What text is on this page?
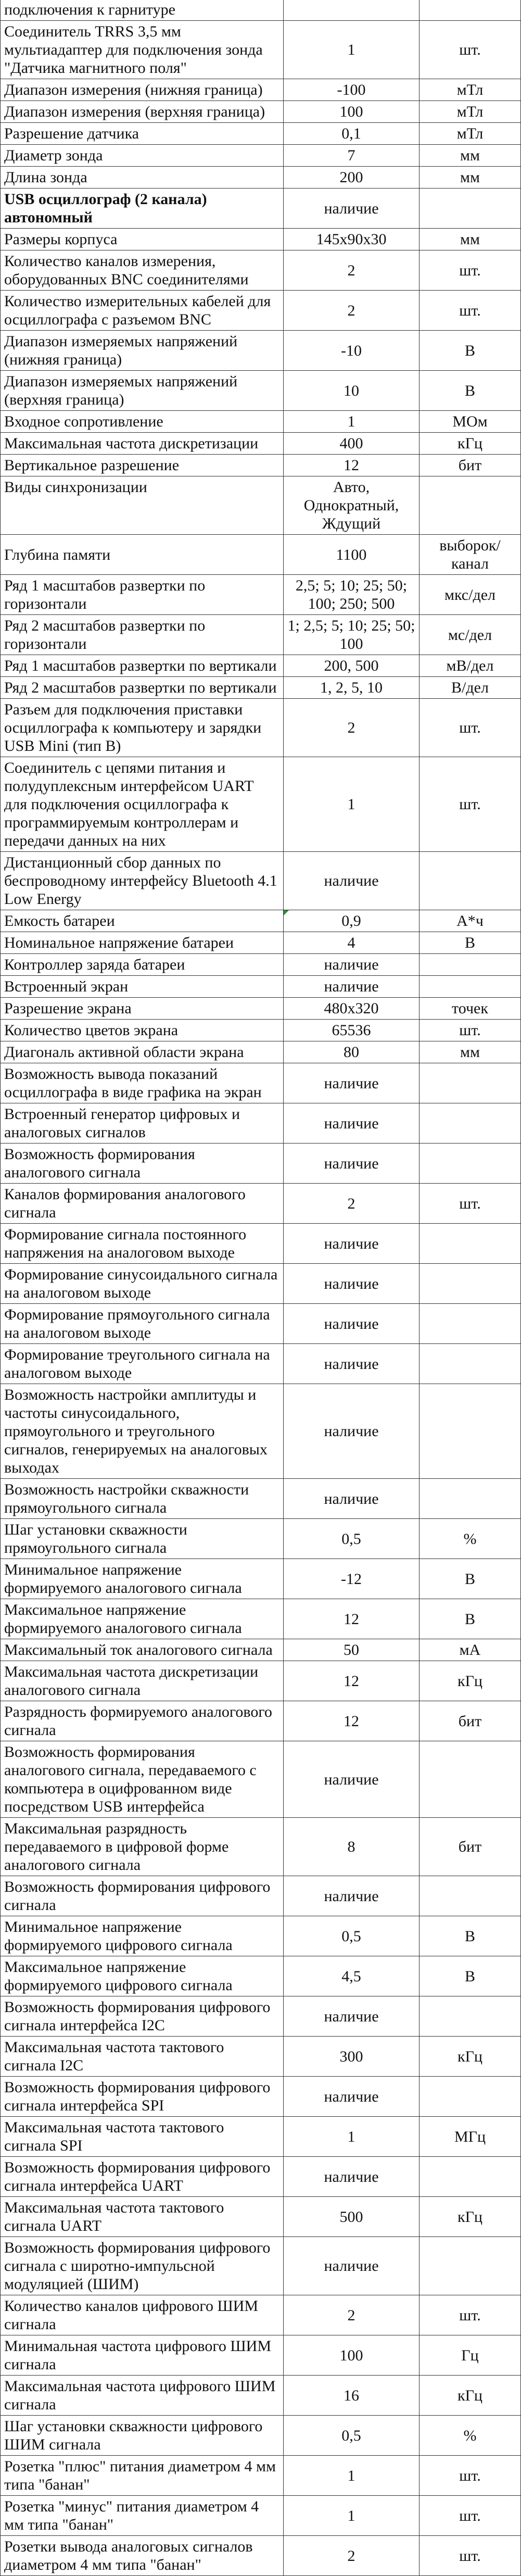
подключения к гарнитуре		
Соединитель TRRS 3,5 мм мультиадаптер для подключения зонда "Датчика магнитного поля"	1	шт.
Диапазон измерения (нижняя граница)	-100	мТл
Диапазон измерения (верхняя граница)	100	мТл
Разрешение датчика	0,1	мТл
Диаметр зонда	7	мм
Длина зонда	200	мм
USB осциллограф (2 канала) автономный	наличие	
Размеры корпуса	145x90x30	мм
Количество каналов измерения, оборудованных BNC соединителями	2	шт.
Количество измерительных кабелей для осциллографа с разъемом BNC	2	шт.
Диапазон измеряемых напряжений (нижняя граница)	-10	В
Диапазон измеряемых напряжений (верхняя граница)	10	В
Входное сопротивление	1	МОм
Максимальная частота дискретизации	400	кГц
Вертикальное разрешение	12	бит
Виды синхронизации	Авто, Однократный, Ждущий	
Глубина памяти	1100	выборок/канал
Ряд 1 масштабов развертки по горизонтали	2,5; 5; 10; 25; 50; 100; 250; 500	мкс/дел
Ряд 2 масштабов развертки по горизонтали	1; 2,5; 5; 10; 25; 50; 100	мс/дел
Ряд 1 масштабов развертки по вертикали	200, 500	мВ/дел
Ряд 2 масштабов развертки по вертикали	1, 2, 5, 10	В/дел
Разъем для подключения приставки осциллографа к компьютеру и зарядки USB Mini (тип B)	2	шт.
Соединитель с цепями питания и полудуплексным интерфейсом UART для подключения осциллографа к программируемым контроллерам и передачи данных на них	1	шт.
Дистанционный сбор данных по беспроводному интерфейсу Bluetooth 4.1 Low Energy	наличие	
Емкость батареи	0,9	А*ч
Номинальное напряжение батареи	4	В
Контроллер заряда батареи	наличие	
Встроенный экран	наличие	
Разрешение экрана	480x320	точек
Количество цветов экрана	65536	шт.
Диагональ активной области экрана	80	мм
Возможность вывода показаний осциллографа в виде графика на экран	наличие	
Встроенный генератор цифровых и аналоговых сигналов	наличие	
Возможность формирования аналогового сигнала	наличие	
Каналов формирования аналогового сигнала	2	шт.
Формирование сигнала постоянного напряжения на аналоговом выходе	наличие	
Формирование синусоидального сигнала на аналоговом выходе	наличие	
Формирование прямоугольного сигнала на аналоговом выходе	наличие	
Формирование треугольного сигнала на аналоговом выходе	наличие	
Возможность настройки амплитуды и частоты синусоидального, прямоугольного и треугольного сигналов, генерируемых на аналоговых выходах	наличие	
Возможность настройки скважности прямоугольного сигнала	наличие	
Шаг установки скважности прямоугольного сигнала	0,5	%
Минимальное напряжение формируемого аналогового сигнала	-12	В
Максимальное напряжение формируемого аналогового сигнала	12	В
Максимальный ток аналогового сигнала	50	мА
Максимальная частота дискретизации аналогового сигнала	12	кГц
Разрядность формируемого аналогового сигнала	12	бит
Возможность формирования аналогового сигнала, передаваемого с компьютера в оцифрованном виде посредством USB интерфейса	наличие	
Максимальная разрядность передаваемого в цифровой форме аналогового сигнала	8	бит
Возможность формирования цифрового сигнала	наличие	
Минимальное напряжение формируемого цифрового сигнала	0,5	В
Максимальное напряжение формируемого цифрового сигнала	4,5	В
Возможность формирования цифрового сигнала интерфейса I2C	наличие	
Максимальная частота тактового сигнала I2C	300	кГц
Возможность формирования цифрового сигнала интерфейса SPI	наличие	
Максимальная частота тактового сигнала SPI	1	МГц
Возможность формирования цифрового сигнала интерфейса UART	наличие	
Максимальная частота тактового сигнала UART	500	кГц
Возможность формирования цифрового сигнала с широтно-импульсной модуляцией (ШИМ)	наличие	
Количество каналов цифрового ШИМ сигнала	2	шт.
Минимальная частота цифрового ШИМ сигнала	100	Гц
Максимальная частота цифрового ШИМ сигнала	16	кГц
Шаг установки скважности цифрового ШИМ сигнала	0,5	%
Розетка "плюс" питания диаметром 4 мм типа "банан"	1	шт.
Розетка "минус" питания диаметром 4 мм типа "банан"	1	шт.
Розетки вывода аналоговых сигналов диаметром 4 мм типа "банан"	2	шт.
